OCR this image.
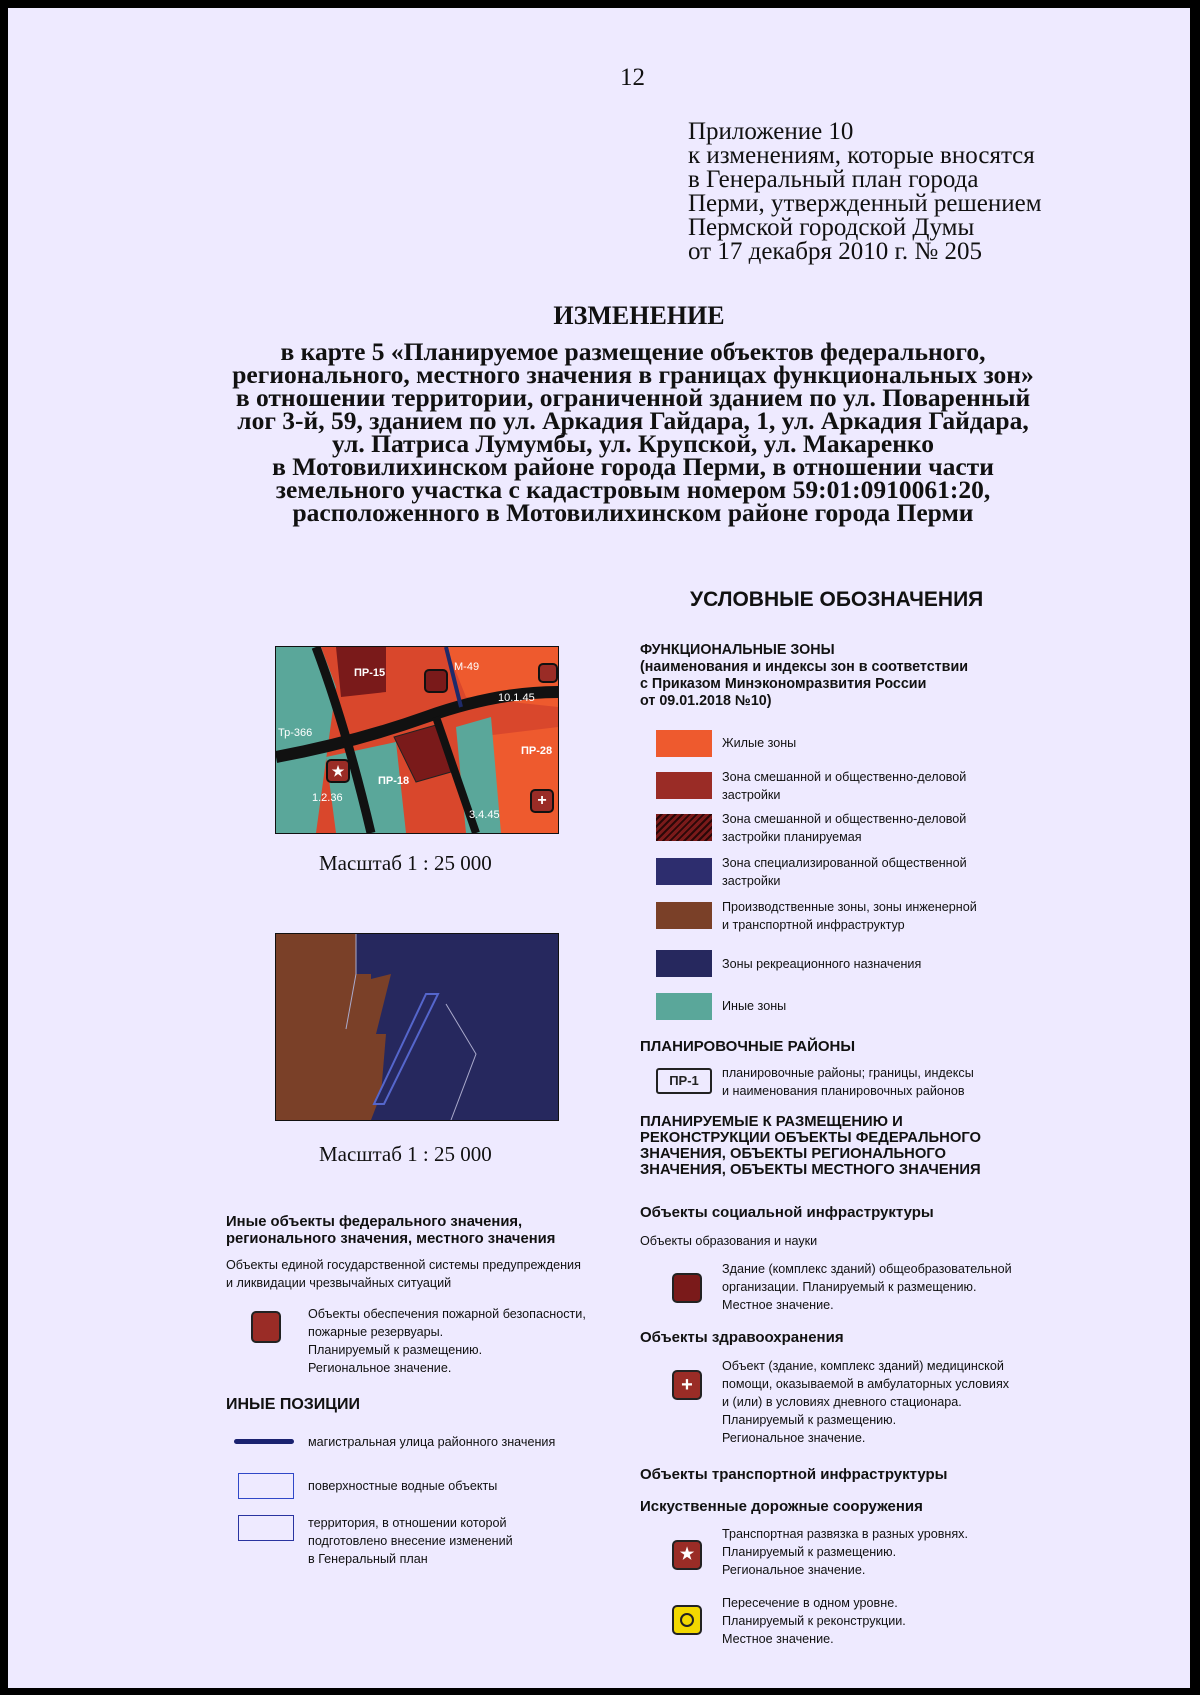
12
Приложение 10
к изменениям, которые вносятся
в Генеральный план города
Перми, утвержденный решением
Пермской городской Думы
от 17 декабря 2010 г. № 205
ИЗМЕНЕНИЕ
в карте 5 «Планируемое размещение объектов федерального,
регионального, местного значения в границах функциональных зон»
в отношении территории, ограниченной зданием по ул. Поваренный
лог 3-й, 59, зданием по ул. Аркадия Гайдара, 1, ул. Аркадия Гайдара,
ул. Патриса Лумумбы, ул. Крупской, ул. Макаренко
в Мотовилихинском районе города Перми, в отношении части
земельного участка с кадастровым номером 59:01:0910061:20,
расположенного в Мотовилихинском районе города Перми
ПР-15	М-49
Тр-366
10.1.45
ПР-28
ПР-18
1.2.36
3.4.45
+
★
Масштаб 1 : 25 000
Масштаб 1 : 25 000
Иные объекты федерального значения,
регионального значения, местного значения
Объекты единой государственной системы предупреждения
и ликвидации чрезвычайных ситуаций
Объекты обеспечения пожарной безопасности,
пожарные резервуары.
Планируемый к размещению.
Региональное значение.
ИНЫЕ ПОЗИЦИИ
магистральная улица районного значения
поверхностные водные объекты
территория, в отношении которой
подготовлено внесение изменений
в Генеральный план
УСЛОВНЫЕ ОБОЗНАЧЕНИЯ
ФУНКЦИОНАЛЬНЫЕ ЗОНЫ
(наименования и индексы зон в соответствии
с Приказом Минэкономразвития России
от 09.01.2018 №10)
Жилые зоны
Зона смешанной и общественно-деловой
застройки
Зона смешанной и общественно-деловой
застройки планируемая
Зона специализированной общественной
застройки
Производственные зоны, зоны инженерной
и транспортной инфраструктур
Зоны рекреационного назначения
Иные зоны
ПЛАНИРОВОЧНЫЕ РАЙОНЫ
ПР-1	планировочные районы; границы, индексы
и наименования планировочных районов
ПЛАНИРУЕМЫЕ К РАЗМЕЩЕНИЮ И
РЕКОНСТРУКЦИИ ОБЪЕКТЫ ФЕДЕРАЛЬНОГО
ЗНАЧЕНИЯ, ОБЪЕКТЫ РЕГИОНАЛЬНОГО
ЗНАЧЕНИЯ, ОБЪЕКТЫ МЕСТНОГО ЗНАЧЕНИЯ
Объекты социальной инфраструктуры
Объекты образования и науки
Здание (комплекс зданий) общеобразовательной
организации. Планируемый к размещению.
Местное значение.
Объекты здравоохранения
+
Объект (здание, комплекс зданий) медицинской
помощи, оказываемой в амбулаторных условиях
и (или) в условиях дневного стационара.
Планируемый к размещению.
Региональное значение.
Объекты транспортной инфраструктуры
Искуственные дорожные сооружения
★
Транспортная развязка в разных уровнях.
Планируемый к размещению.
Региональное значение.
Пересечение в одном уровне.
Планируемый к реконструкции.
Местное значение.
